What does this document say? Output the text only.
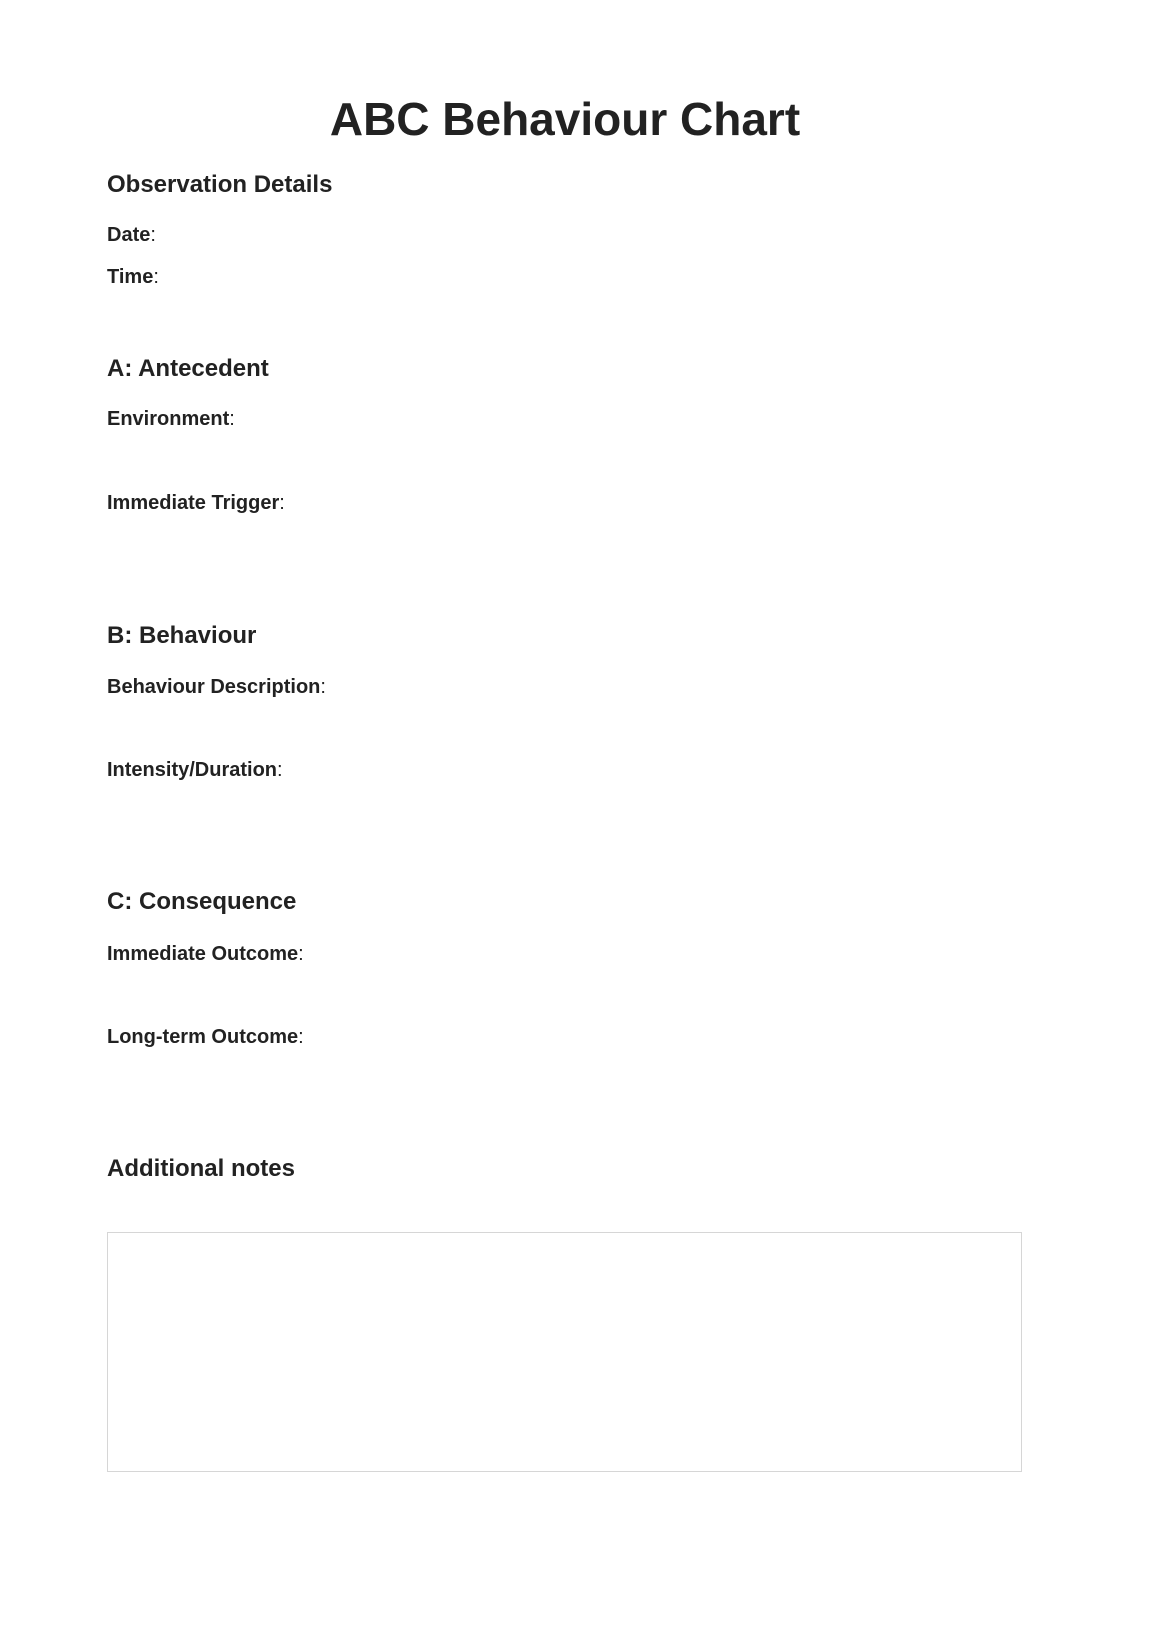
ABC Behaviour Chart
Observation Details
Date:
Time:
A: Antecedent
Environment:
Immediate Trigger:
B: Behaviour
Behaviour Description:
Intensity/Duration:
C: Consequence
Immediate Outcome:
Long-term Outcome:
Additional notes
